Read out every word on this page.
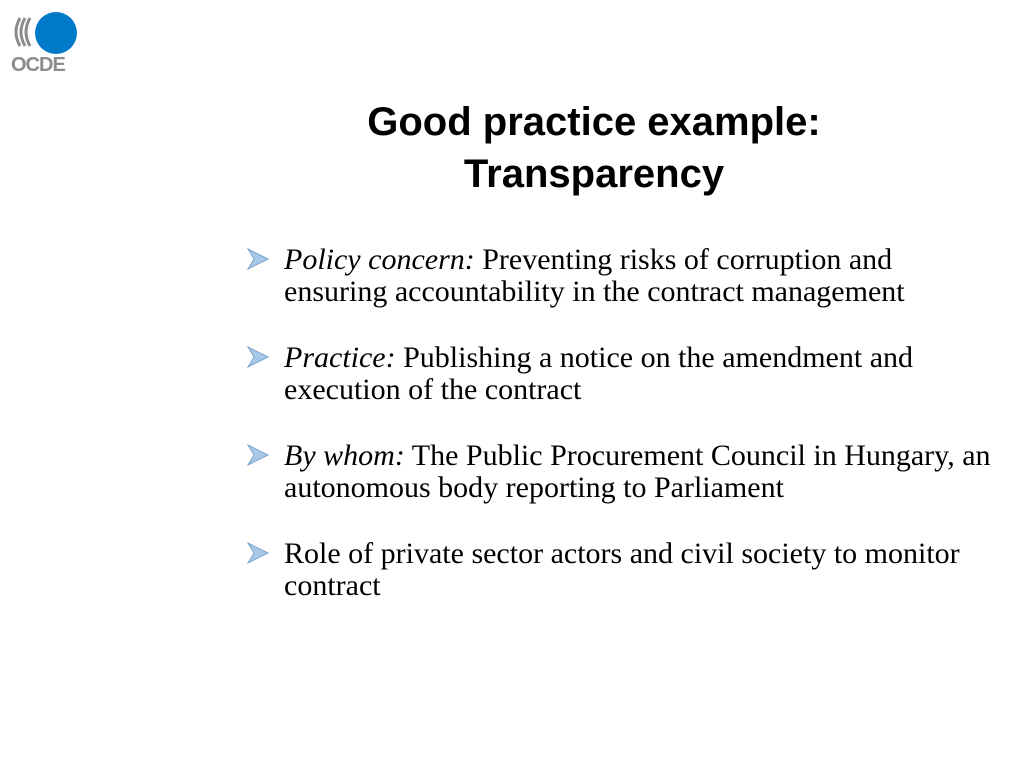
OCDE
Good practice example:
Transparency
Policy concern: Preventing risks of corruption and ensuring accountability in the contract management
Practice: Publishing a notice on the amendment and execution of the contract
By whom: The Public Procurement Council in Hungary, an autonomous body reporting to Parliament
Role of private sector actors and civil society to monitor contract
